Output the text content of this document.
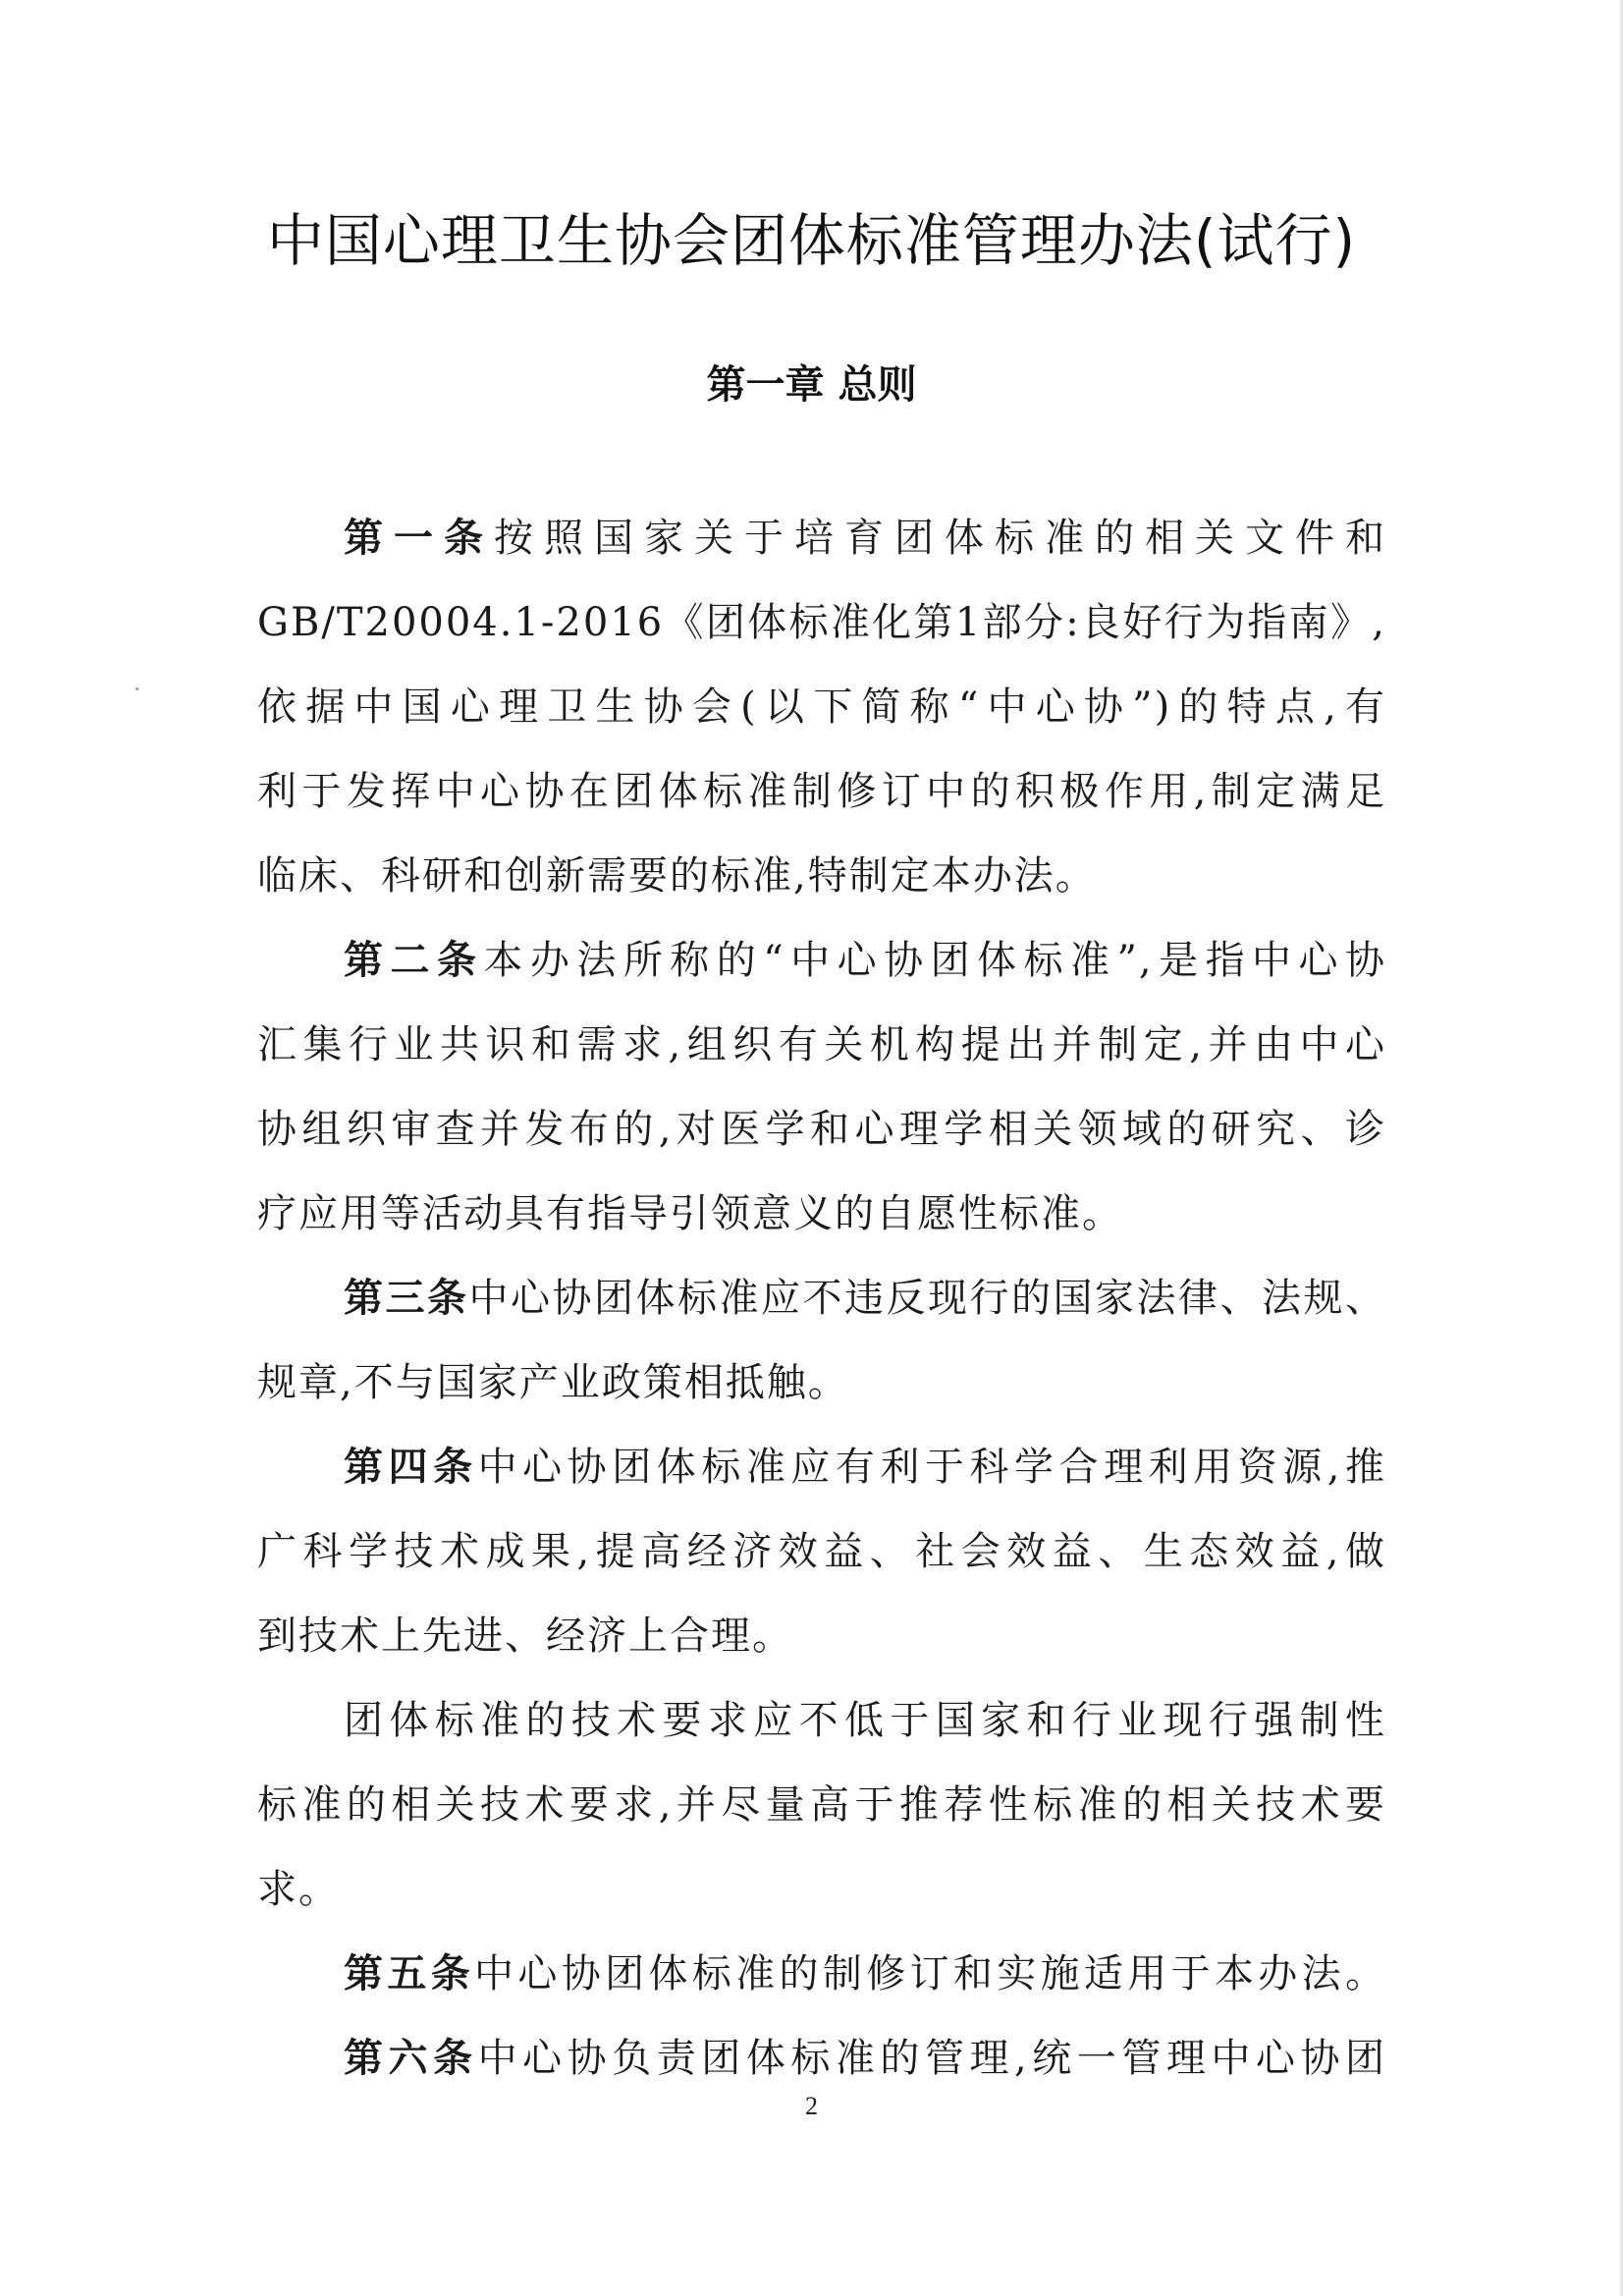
中国心理卫生协会团体标准管理办法(试行)
第一章 总则
第一条按照国家关于培育团体标准的相关文件和
GB/T20004.1-2016《团体标准化第1部分:良好行为指南》,
依据中国心理卫生协会(以下简称“中心协”)的特点,有
利于发挥中心协在团体标准制修订中的积极作用,制定满足
临床、科研和创新需要的标准,特制定本办法。
第二条本办法所称的“中心协团体标准”,是指中心协
汇集行业共识和需求,组织有关机构提出并制定,并由中心
协组织审查并发布的,对医学和心理学相关领域的研究、诊
疗应用等活动具有指导引领意义的自愿性标准。
第三条中心协团体标准应不违反现行的国家法律、法规、
规章,不与国家产业政策相抵触。
第四条中心协团体标准应有利于科学合理利用资源,推
广科学技术成果,提高经济效益、社会效益、生态效益,做
到技术上先进、经济上合理。
团体标准的技术要求应不低于国家和行业现行强制性
标准的相关技术要求,并尽量高于推荐性标准的相关技术要
求。
第五条中心协团体标准的制修订和实施适用于本办法。
第六条中心协负责团体标准的管理,统一管理中心协团
2
